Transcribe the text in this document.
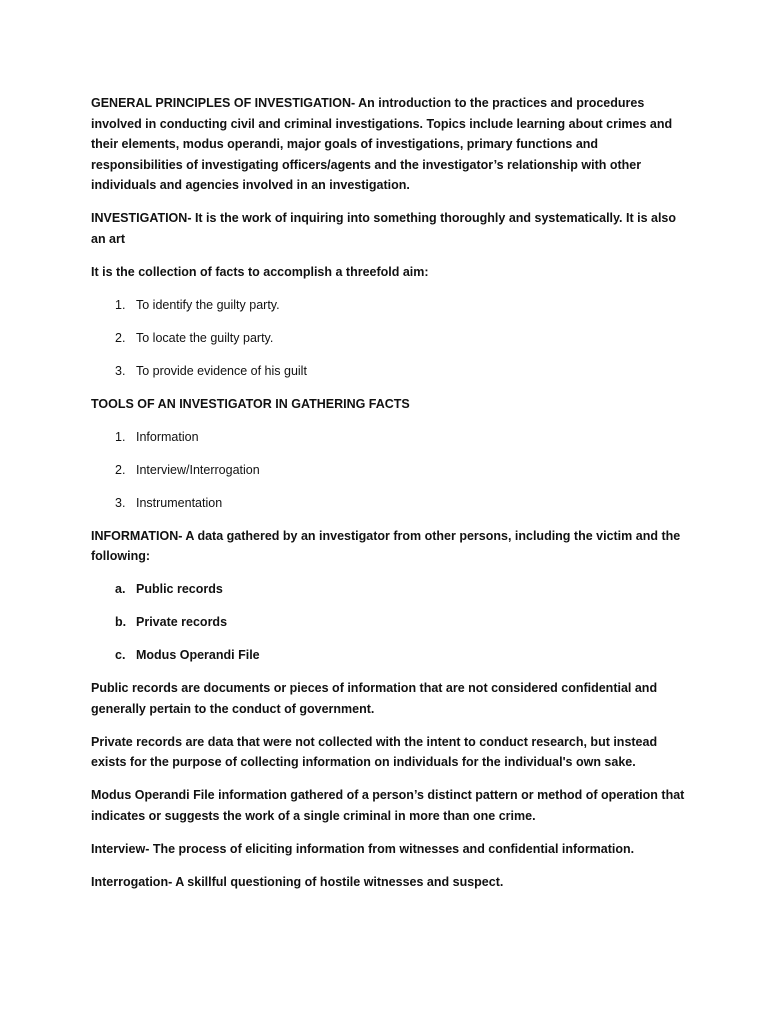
GENERAL PRINCIPLES OF INVESTIGATION- An introduction to the practices and procedures involved in conducting civil and criminal investigations. Topics include learning about crimes and their elements, modus operandi, major goals of investigations, primary functions and responsibilities of investigating officers/agents and the investigator’s relationship with other individuals and agencies involved in an investigation.

INVESTIGATION- It is the work of inquiring into something thoroughly and systematically. It is also an art

It is the collection of facts to accomplish a threefold aim:

1. To identify the guilty party.
2. To locate the guilty party.
3. To provide evidence of his guilt

TOOLS OF AN INVESTIGATOR IN GATHERING FACTS

1. Information
2. Interview/Interrogation
3. Instrumentation

INFORMATION- A data gathered by an investigator from other persons, including the victim and the following:

a. Public records
b. Private records
c. Modus Operandi File

Public records are documents or pieces of information that are not considered confidential and generally pertain to the conduct of government.

Private records are data that were not collected with the intent to conduct research, but instead exists for the purpose of collecting information on individuals for the individual's own sake.

Modus Operandi File information gathered of a person’s distinct pattern or method of operation that indicates or suggests the work of a single criminal in more than one crime.

Interview- The process of eliciting information from witnesses and confidential information.

Interrogation- A skillful questioning of hostile witnesses and suspect.
